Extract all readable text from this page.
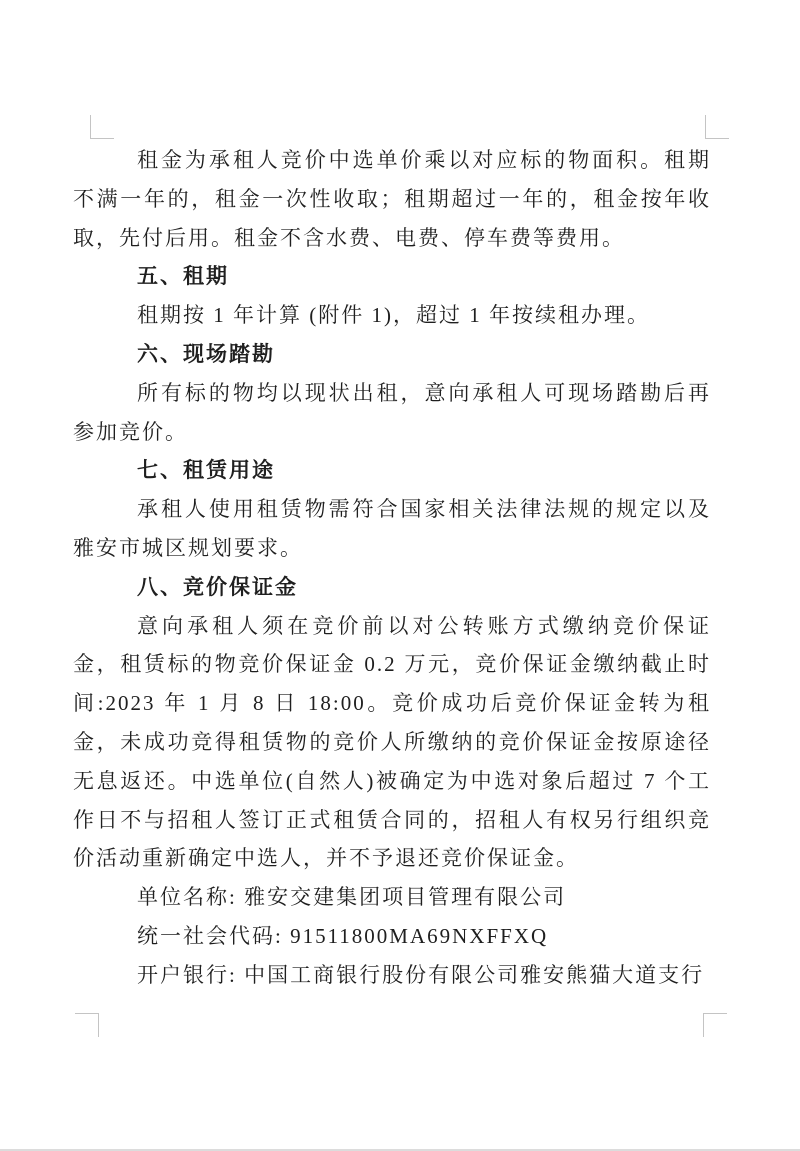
租金为承租人竞价中选单价乘以对应标的物面积。租期不满一年的，租金一次性收取；租期超过一年的，租金按年收取，先付后用。租金不含水费、电费、停车费等费用。

五、租期

租期按 1 年计算 (附件 1)，超过 1 年按续租办理。

六、现场踏勘

所有标的物均以现状出租，意向承租人可现场踏勘后再参加竞价。

七、租赁用途

承租人使用租赁物需符合国家相关法律法规的规定以及雅安市城区规划要求。

八、竞价保证金

意向承租人须在竞价前以对公转账方式缴纳竞价保证金，租赁标的物竞价保证金 0.2 万元，竞价保证金缴纳截止时间:2023 年 1 月 8 日 18:00。竞价成功后竞价保证金转为租金，未成功竞得租赁物的竞价人所缴纳的竞价保证金按原途径无息返还。中选单位(自然人)被确定为中选对象后超过 7 个工作日不与招租人签订正式租赁合同的，招租人有权另行组织竞价活动重新确定中选人，并不予退还竞价保证金。

单位名称: 雅安交建集团项目管理有限公司

统一社会代码: 91511800MA69NXFFXQ

开户银行: 中国工商银行股份有限公司雅安熊猫大道支行
